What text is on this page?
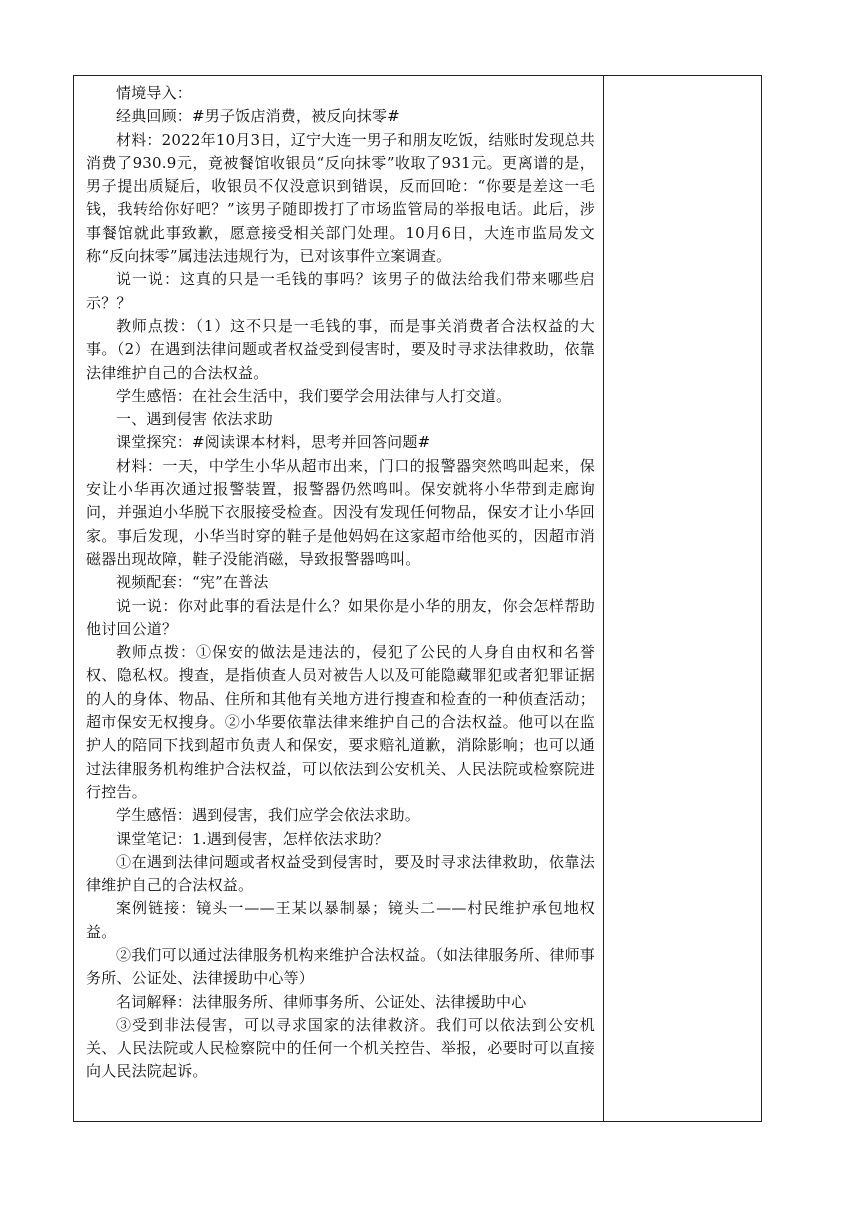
情境导入：

经典回顾：#男子饭店消费，被反向抹零#

材料：2022年10月3日，辽宁大连一男子和朋友吃饭，结账时发现总共消费了930.9元，竟被餐馆收银员“反向抹零”收取了931元。更离谱的是，男子提出质疑后，收银员不仅没意识到错误，反而回呛：“你要是差这一毛钱，我转给你好吧？”该男子随即拨打了市场监管局的举报电话。此后，涉事餐馆就此事致歉，愿意接受相关部门处理。10月6日，大连市监局发文称“反向抹零”属违法违规行为，已对该事件立案调查。

说一说：这真的只是一毛钱的事吗？该男子的做法给我们带来哪些启示？？

教师点拨：（1）这不只是一毛钱的事，而是事关消费者合法权益的大事。（2）在遇到法律问题或者权益受到侵害时，要及时寻求法律救助，依靠法律维护自己的合法权益。

学生感悟：在社会生活中，我们要学会用法律与人打交道。

一、遇到侵害 依法求助

课堂探究：#阅读课本材料，思考并回答问题#

材料：一天，中学生小华从超市出来，门口的报警器突然鸣叫起来，保安让小华再次通过报警装置，报警器仍然鸣叫。保安就将小华带到走廊询问，并强迫小华脱下衣服接受检查。因没有发现任何物品，保安才让小华回家。事后发现，小华当时穿的鞋子是他妈妈在这家超市给他买的，因超市消磁器出现故障，鞋子没能消磁，导致报警器鸣叫。

视频配套：“宪”在普法

说一说：你对此事的看法是什么？如果你是小华的朋友，你会怎样帮助他讨回公道？

教师点拨：①保安的做法是违法的，侵犯了公民的人身自由权和名誉权、隐私权。搜查，是指侦查人员对被告人以及可能隐藏罪犯或者犯罪证据的人的身体、物品、住所和其他有关地方进行搜查和检查的一种侦查活动；超市保安无权搜身。②小华要依靠法律来维护自己的合法权益。他可以在监护人的陪同下找到超市负责人和保安，要求赔礼道歉，消除影响；也可以通过法律服务机构维护合法权益，可以依法到公安机关、人民法院或检察院进行控告。

学生感悟：遇到侵害，我们应学会依法求助。

课堂笔记：1.遇到侵害，怎样依法求助？

①在遇到法律问题或者权益受到侵害时，要及时寻求法律救助，依靠法律维护自己的合法权益。

案例链接：镜头一——王某以暴制暴；镜头二——村民维护承包地权益。

②我们可以通过法律服务机构来维护合法权益。（如法律服务所、律师事务所、公证处、法律援助中心等）

名词解释：法律服务所、律师事务所、公证处、法律援助中心

③受到非法侵害，可以寻求国家的法律救济。我们可以依法到公安机关、人民法院或人民检察院中的任何一个机关控告、举报，必要时可以直接向人民法院起诉。
